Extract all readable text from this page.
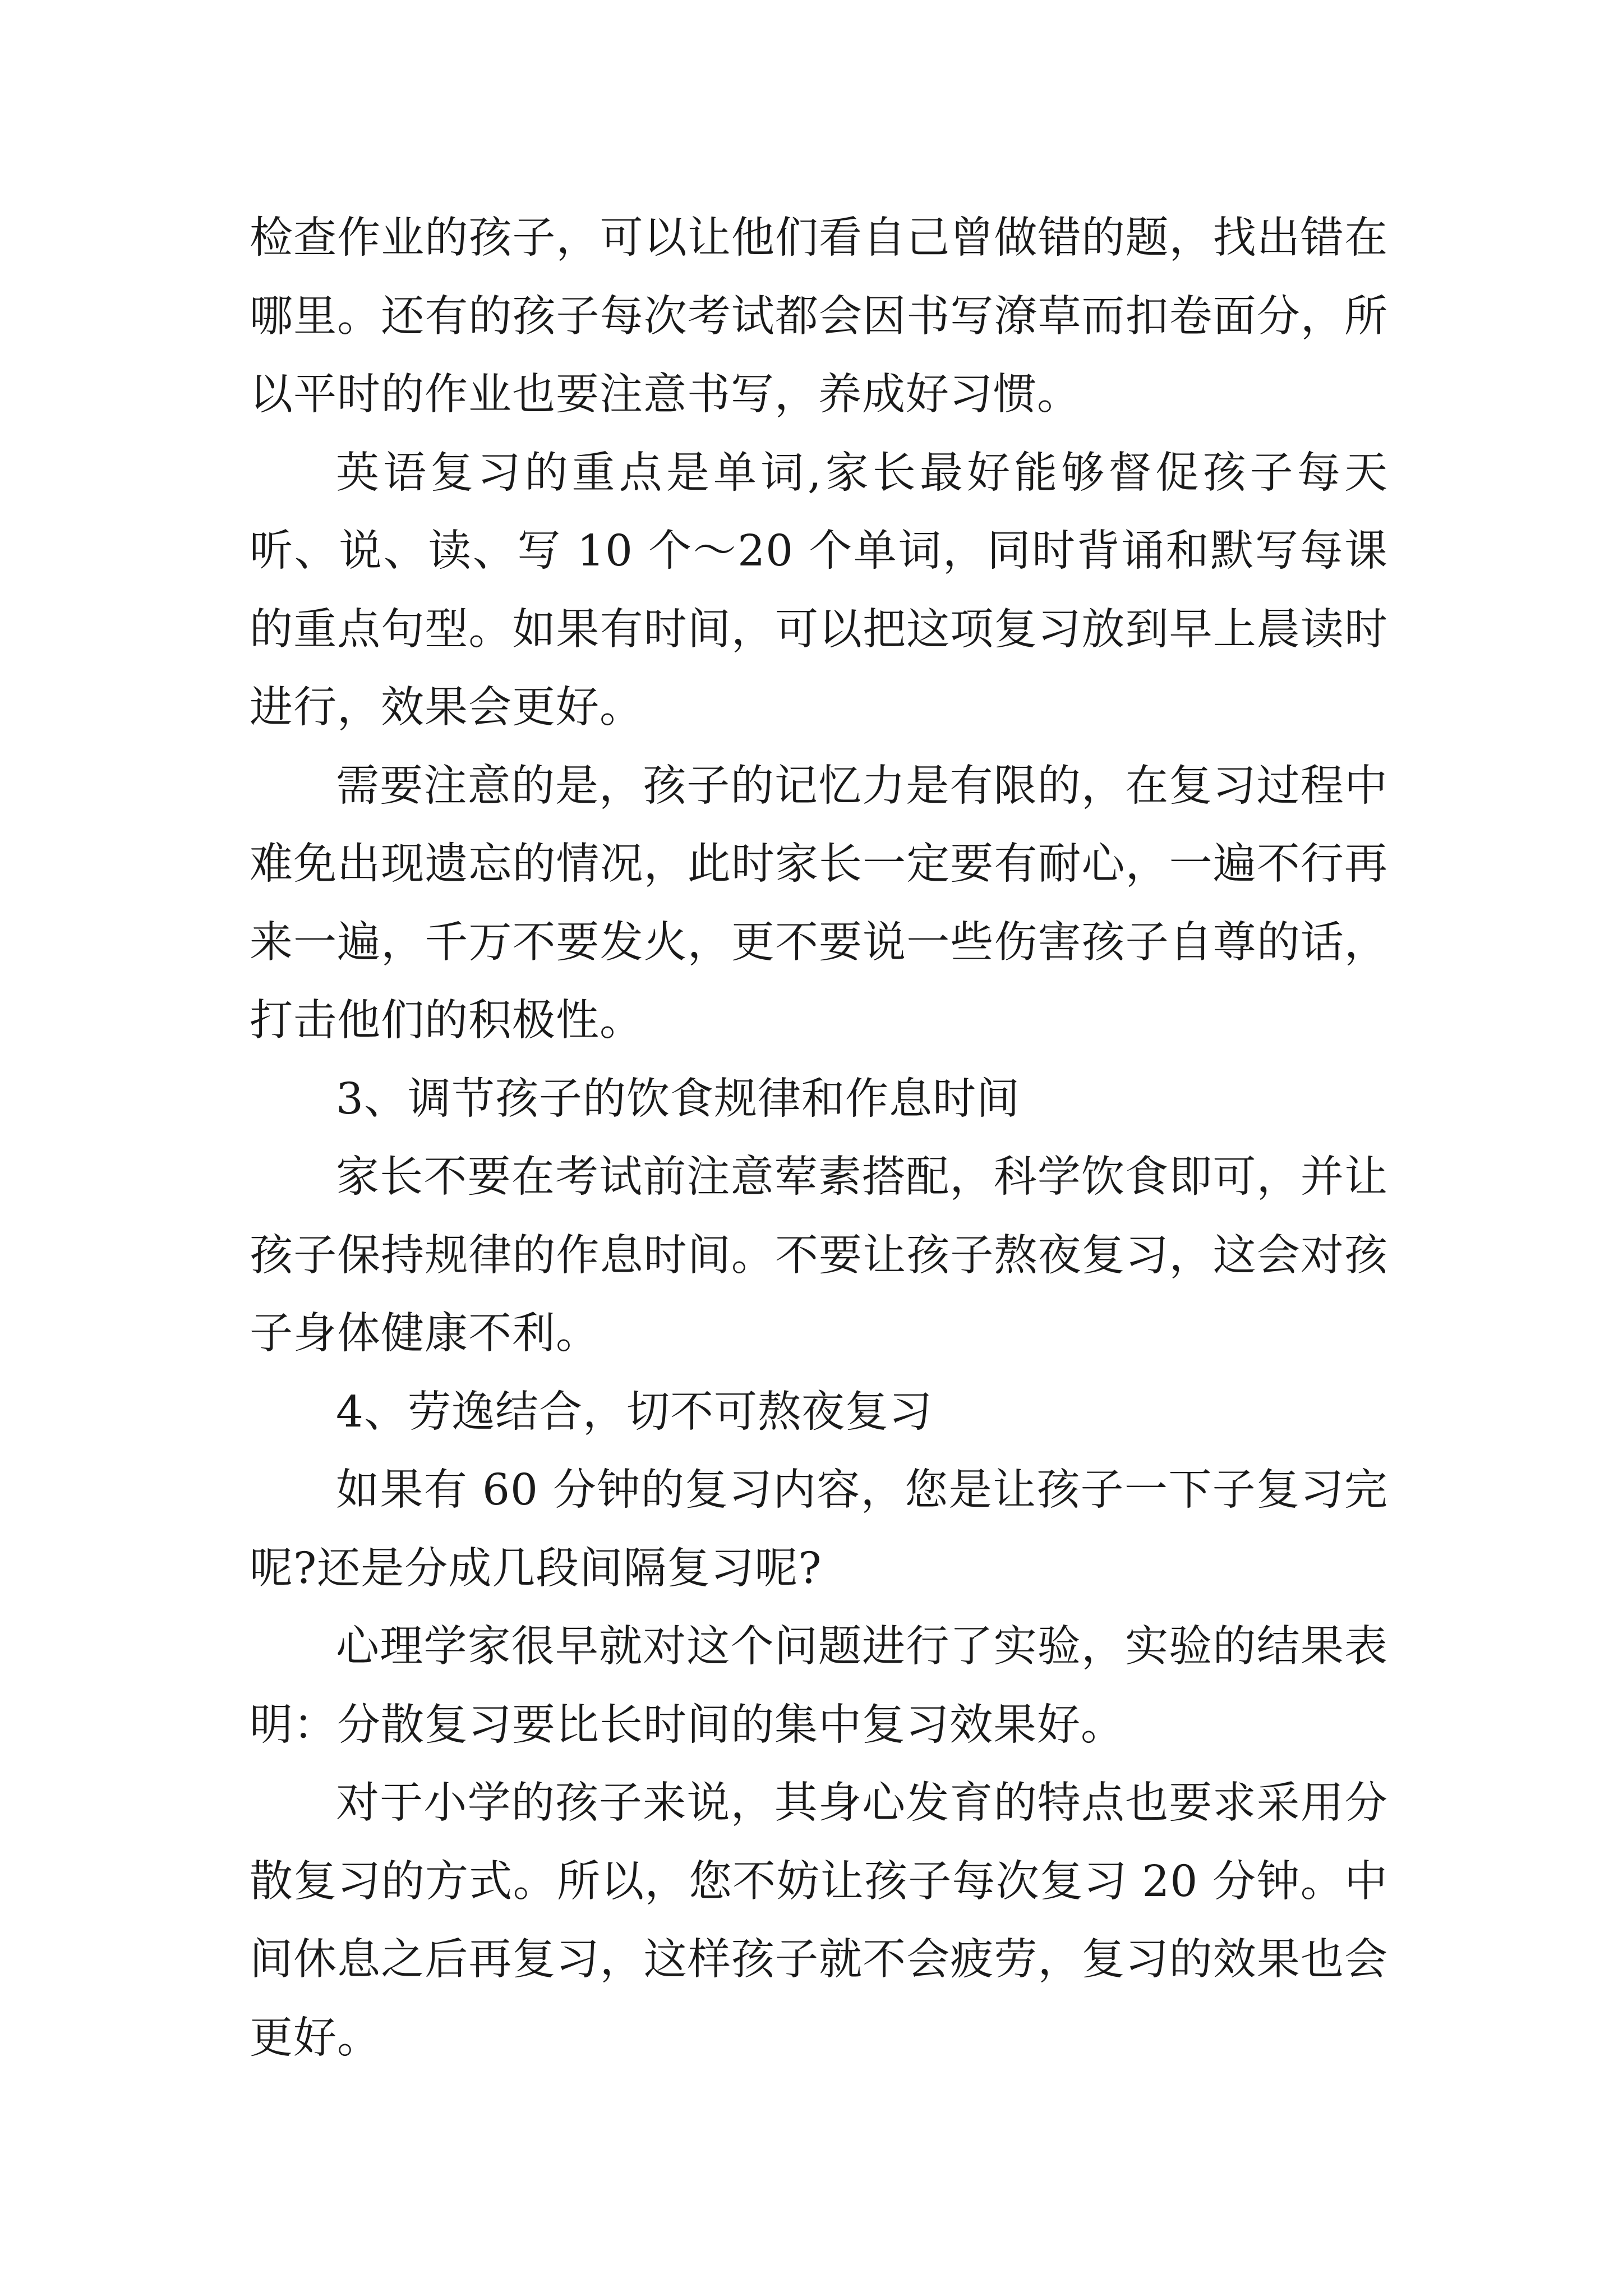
检查作业的孩子，可以让他们看自己曾做错的题，找出错在哪里。还有的孩子每次考试都会因书写潦草而扣卷面分，所以平时的作业也要注意书写，养成好习惯。

英语复习的重点是单词,家长最好能够督促孩子每天听、说、读、写 10 个～20 个单词，同时背诵和默写每课的重点句型。如果有时间，可以把这项复习放到早上晨读时进行，效果会更好。

需要注意的是，孩子的记忆力是有限的，在复习过程中难免出现遗忘的情况，此时家长一定要有耐心，一遍不行再来一遍，千万不要发火，更不要说一些伤害孩子自尊的话，打击他们的积极性。

3、调节孩子的饮食规律和作息时间

家长不要在考试前注意荤素搭配，科学饮食即可，并让孩子保持规律的作息时间。不要让孩子熬夜复习，这会对孩子身体健康不利。

4、劳逸结合，切不可熬夜复习

如果有 60 分钟的复习内容，您是让孩子一下子复习完呢?还是分成几段间隔复习呢?

心理学家很早就对这个问题进行了实验，实验的结果表明：分散复习要比长时间的集中复习效果好。

对于小学的孩子来说，其身心发育的特点也要求采用分散复习的方式。所以，您不妨让孩子每次复习 20 分钟。中间休息之后再复习，这样孩子就不会疲劳，复习的效果也会更好。
